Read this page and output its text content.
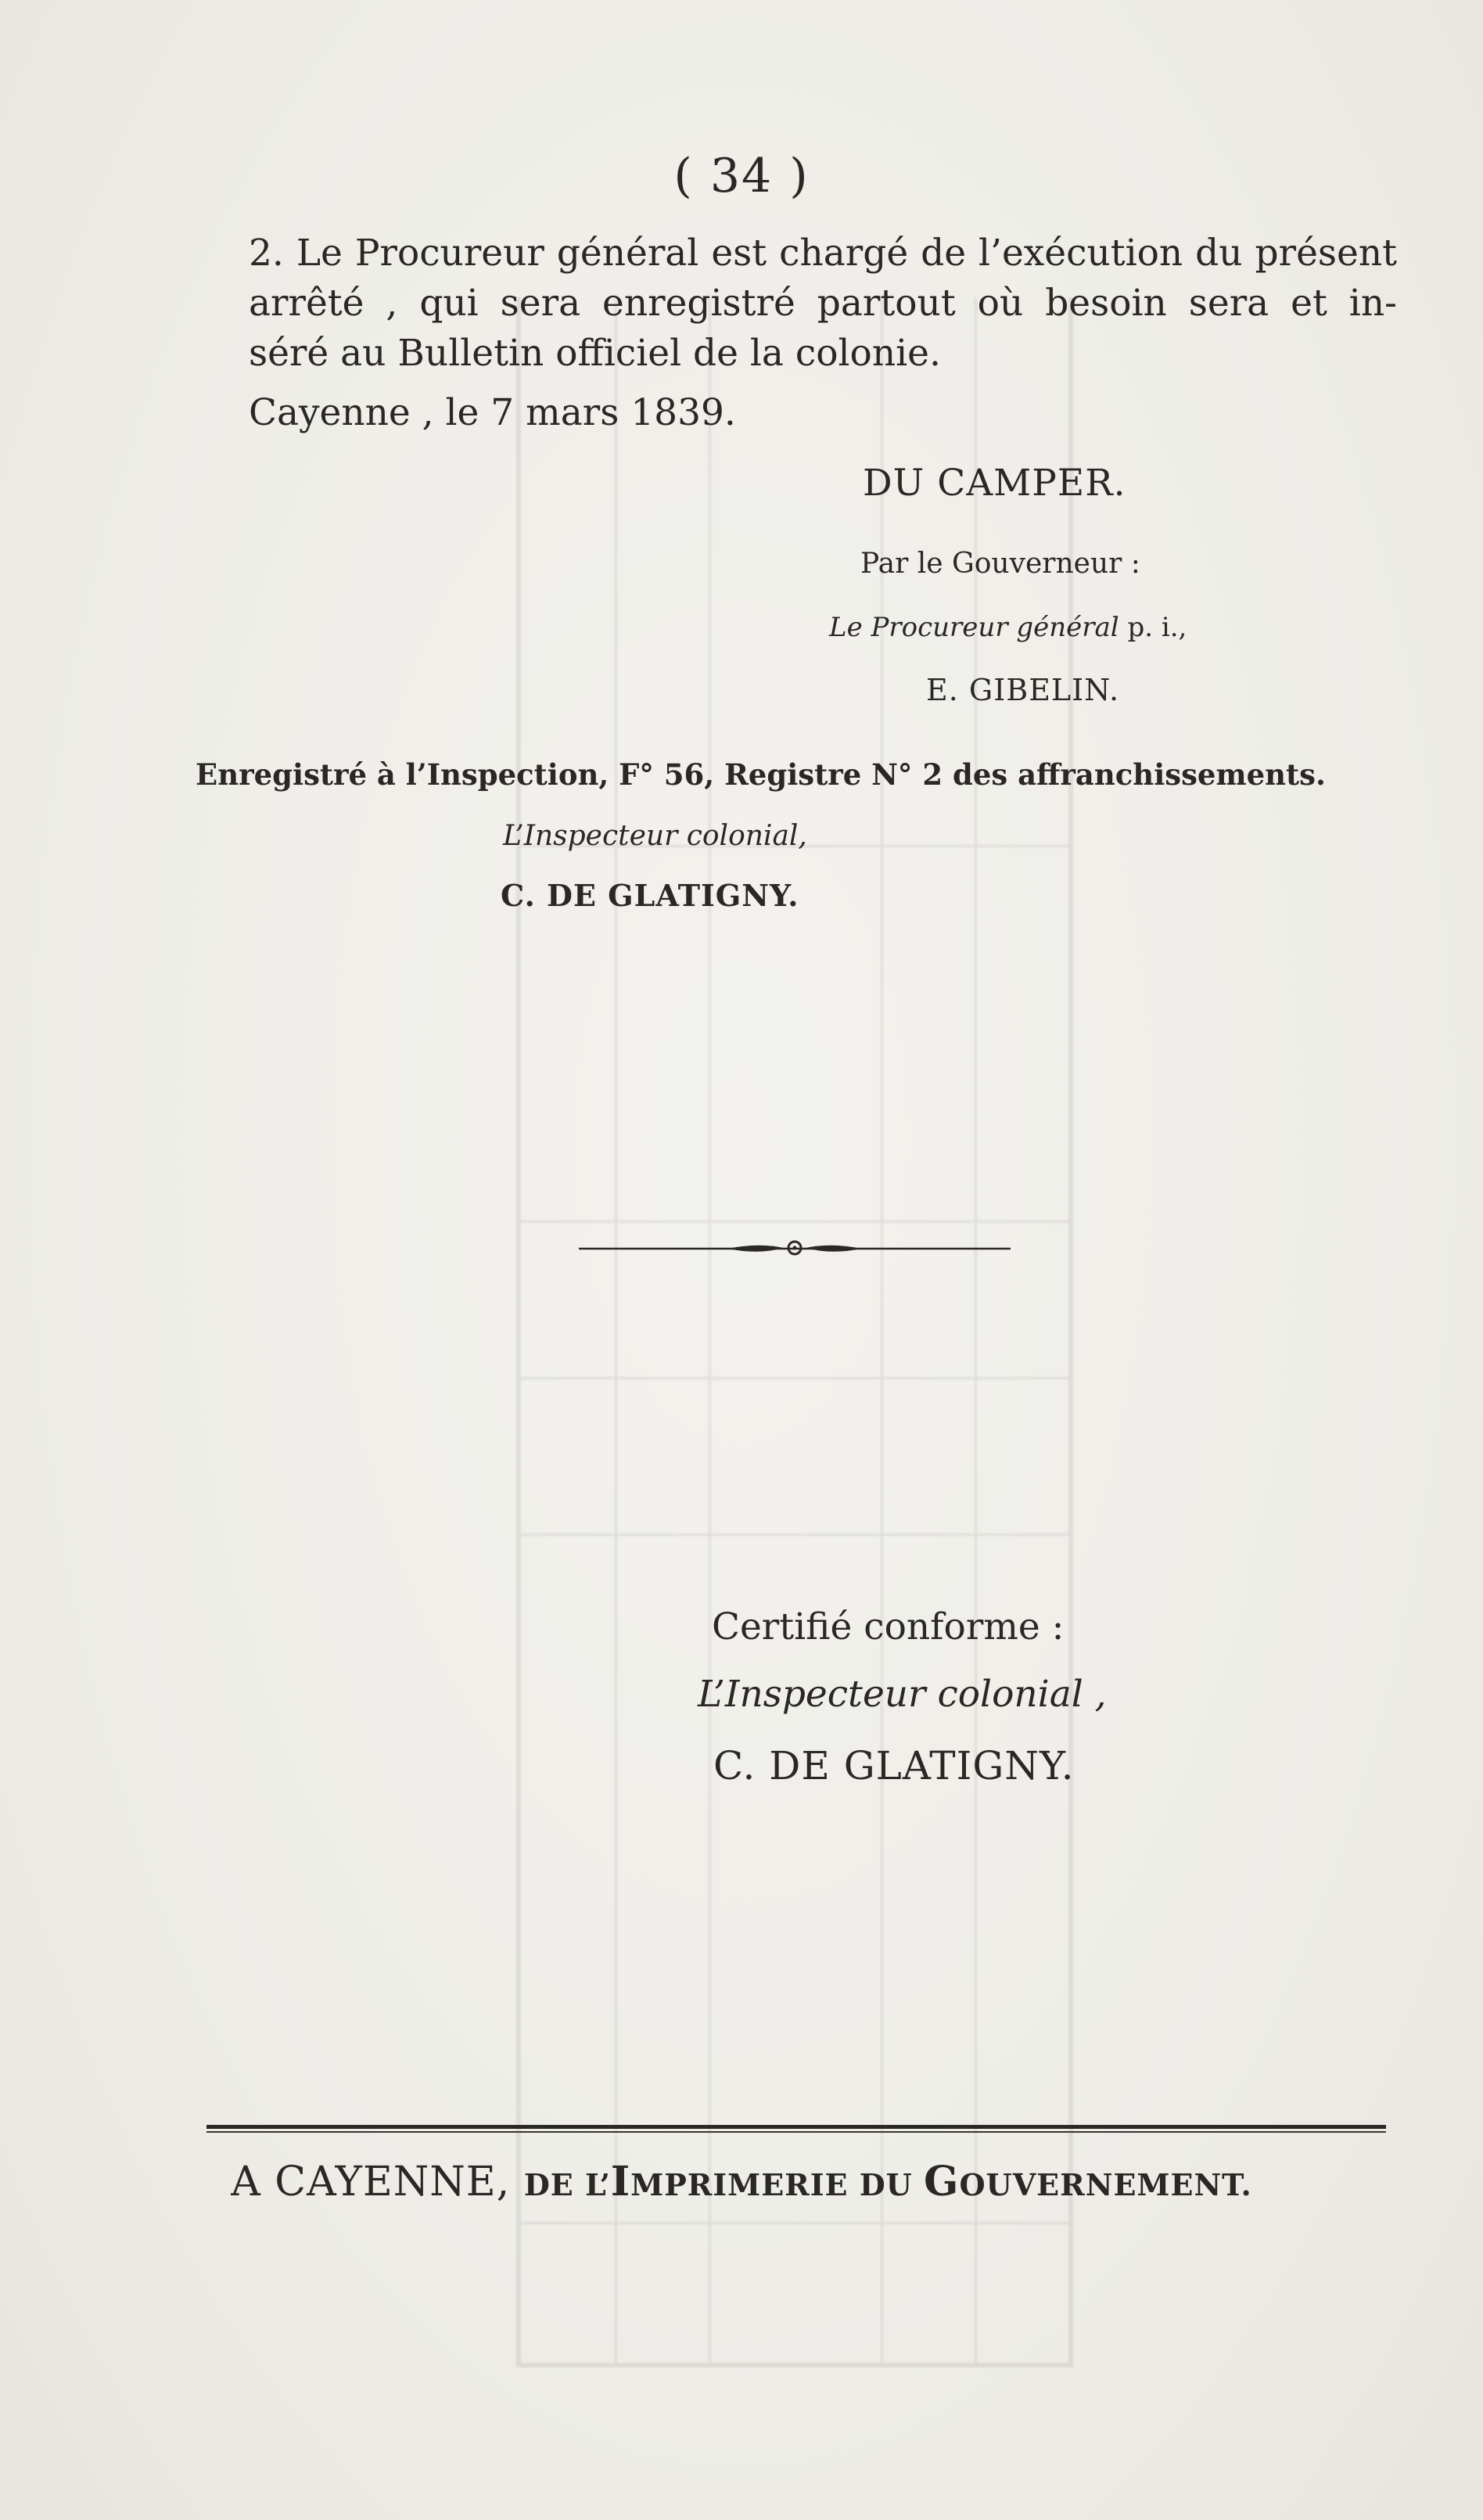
( 34 )
2. Le Procureur général est chargé de l’exécution du présent
arrêté , qui sera enregistré partout où besoin sera et in-
séré au Bulletin officiel de la colonie.
Cayenne , le 7 mars 1839.
DU CAMPER.
Par le Gouverneur :
Le Procureur général p. i.,
E. GIBELIN.
Enregistré à l’Inspection, F° 56, Registre N° 2 des affranchissements.
L’Inspecteur colonial,
C. DE GLATIGNY.
Certifié conforme :
L’Inspecteur colonial ,
C. DE GLATIGNY.
A CAYENNE, DE L’IMPRIMERIE DU GOUVERNEMENT.
